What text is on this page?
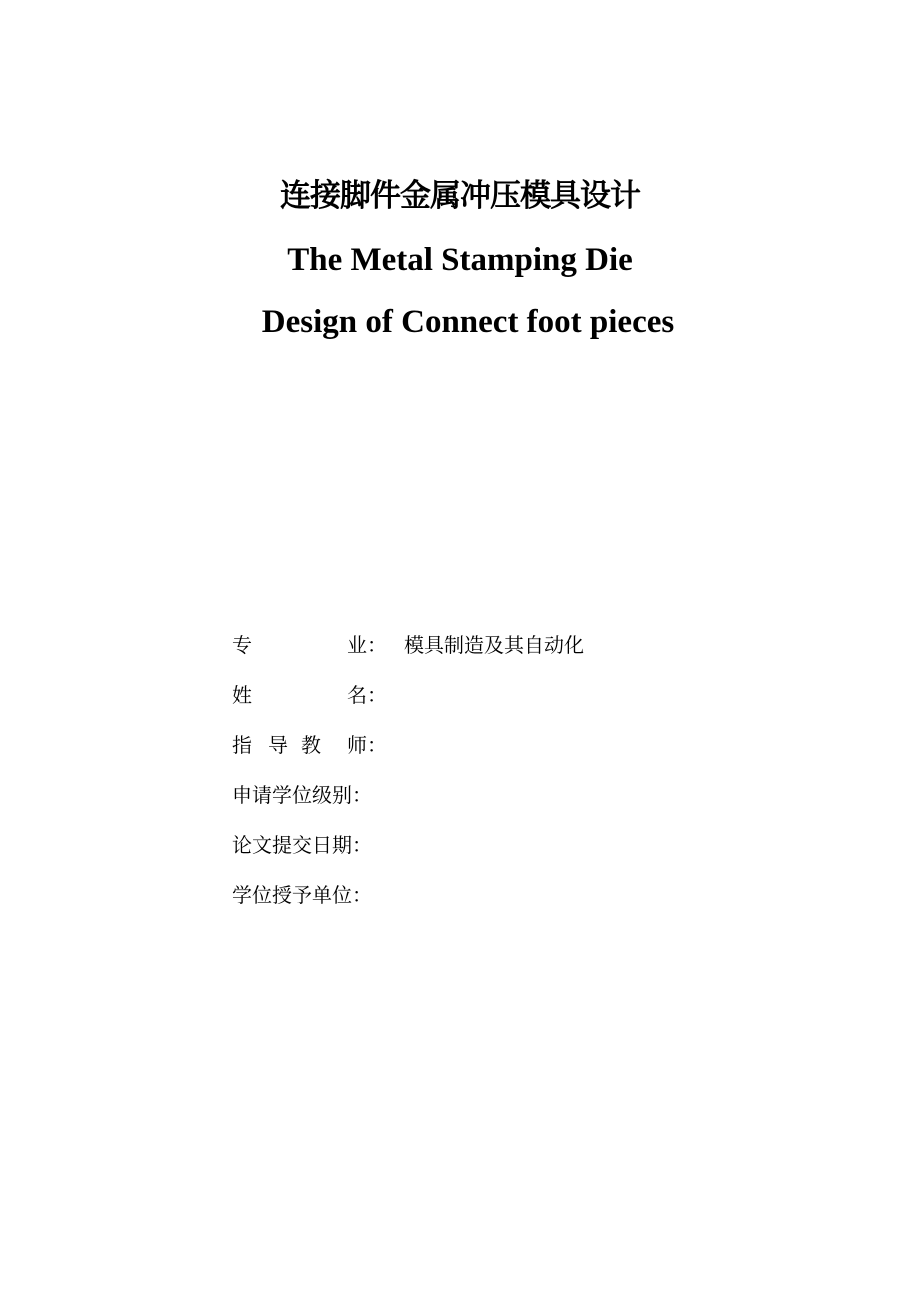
连接脚件金属冲压模具设计
The Metal Stamping Die
Design of Connect foot pieces
专	业： 模具制造及其自动化
姓	名：
指 导 教 师：
申请学位级别：
论文提交日期：
学位授予单位：
